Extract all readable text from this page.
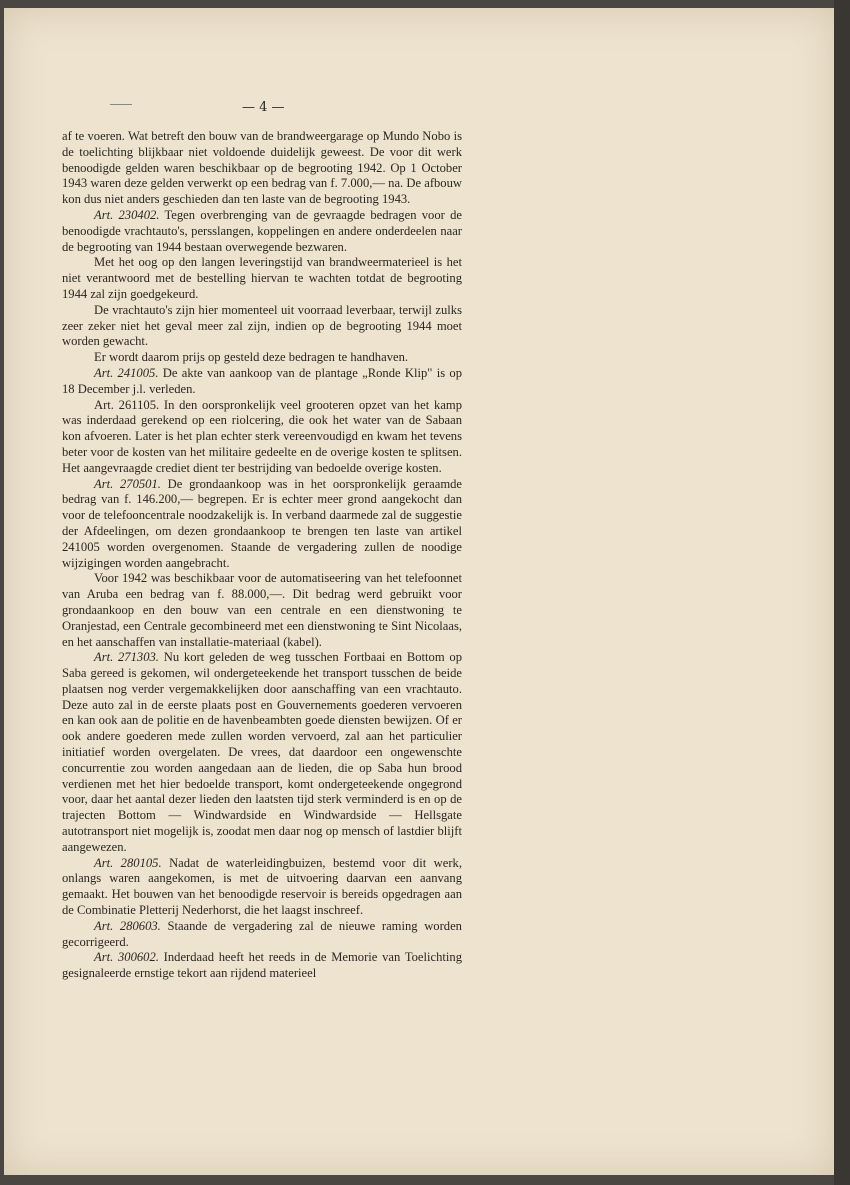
— 4 —

af te voeren. Wat betreft den bouw van de brandweergarage op Mundo Nobo is de toelichting blijkbaar niet voldoende duidelijk geweest. De voor dit werk benoodigde gelden waren beschikbaar op de begrooting 1942. Op 1 October 1943 waren deze gelden verwerkt op een bedrag van f. 7.000,— na. De afbouw kon dus niet anders geschieden dan ten laste van de begrooting 1943.

Art. 230402. Tegen overbrenging van de gevraagde bedragen voor de benoodigde vrachtauto's, persslangen, koppelingen en andere onderdeelen naar de begrooting van 1944 bestaan overwegende bezwaren.

Met het oog op den langen leveringstijd van brandweermaterieel is het niet verantwoord met de bestelling hiervan te wachten totdat de begrooting 1944 zal zijn goedgekeurd.

De vrachtauto's zijn hier momenteel uit voorraad leverbaar, terwijl zulks zeer zeker niet het geval meer zal zijn, indien op de begrooting 1944 moet worden gewacht.

Er wordt daarom prijs op gesteld deze bedragen te handhaven.

Art. 241005. De akte van aankoop van de plantage „Ronde Klip" is op 18 December j.l. verleden.

Art. 261105. In den oorspronkelijk veel grooteren opzet van het kamp was inderdaad gerekend op een riolcering, die ook het water van de Sabaan kon afvoeren. Later is het plan echter sterk vereenvoudigd en kwam het tevens beter voor de kosten van het militaire gedeelte en de overige kosten te splitsen. Het aangevraagde crediet dient ter bestrijding van bedoelde overige kosten.

Art. 270501. De grondaankoop was in het oorspronkelijk geraamde bedrag van f. 146.200,— begrepen. Er is echter meer grond aangekocht dan voor de telefooncentrale noodzakelijk is. In verband daarmede zal de suggestie der Afdeelingen, om dezen grondaankoop te brengen ten laste van artikel 241005 worden overgenomen. Staande de vergadering zullen de noodige wijzigingen worden aangebracht.

Voor 1942 was beschikbaar voor de automatiseering van het telefoonnet van Aruba een bedrag van f. 88.000,—. Dit bedrag werd gebruikt voor grondaankoop en den bouw van een centrale en een dienstwoning te Oranjestad, een Centrale gecombineerd met een dienstwoning te Sint Nicolaas, en het aanschaffen van installatie-materiaal (kabel).

Art. 271303. Nu kort geleden de weg tusschen Fortbaai en Bottom op Saba gereed is gekomen, wil ondergeteekende het transport tusschen de beide plaatsen nog verder vergemakkelijken door aanschaffing van een vrachtauto. Deze auto zal in de eerste plaats post en Gouvernements goederen vervoeren en kan ook aan de politie en de havenbeambten goede diensten bewijzen. Of er ook andere goederen mede zullen worden vervoerd, zal aan het particulier initiatief worden overgelaten. De vrees, dat daardoor een ongewenschte concurrentie zou worden aangedaan aan de lieden, die op Saba hun brood verdienen met het hier bedoelde transport, komt ondergeteekende ongegrond voor, daar het aantal dezer lieden den laatsten tijd sterk verminderd is en op de trajecten Bottom — Windwardside en Windwardside — Hellsgate autotransport niet mogelijk is, zoodat men daar nog op mensch of lastdier blijft aangewezen.

Art. 280105. Nadat de waterleidingbuizen, bestemd voor dit werk, onlangs waren aangekomen, is met de uitvoering daarvan een aanvang gemaakt. Het bouwen van het benoodigde reservoir is bereids opgedragen aan de Combinatie Pletterij Nederhorst, die het laagst inschreef.

Art. 280603. Staande de vergadering zal de nieuwe raming worden gecorrigeerd.

Art. 300602. Inderdaad heeft het reeds in de Memorie van Toelichting gesignaleerde ernstige tekort aan rijdend materieel
